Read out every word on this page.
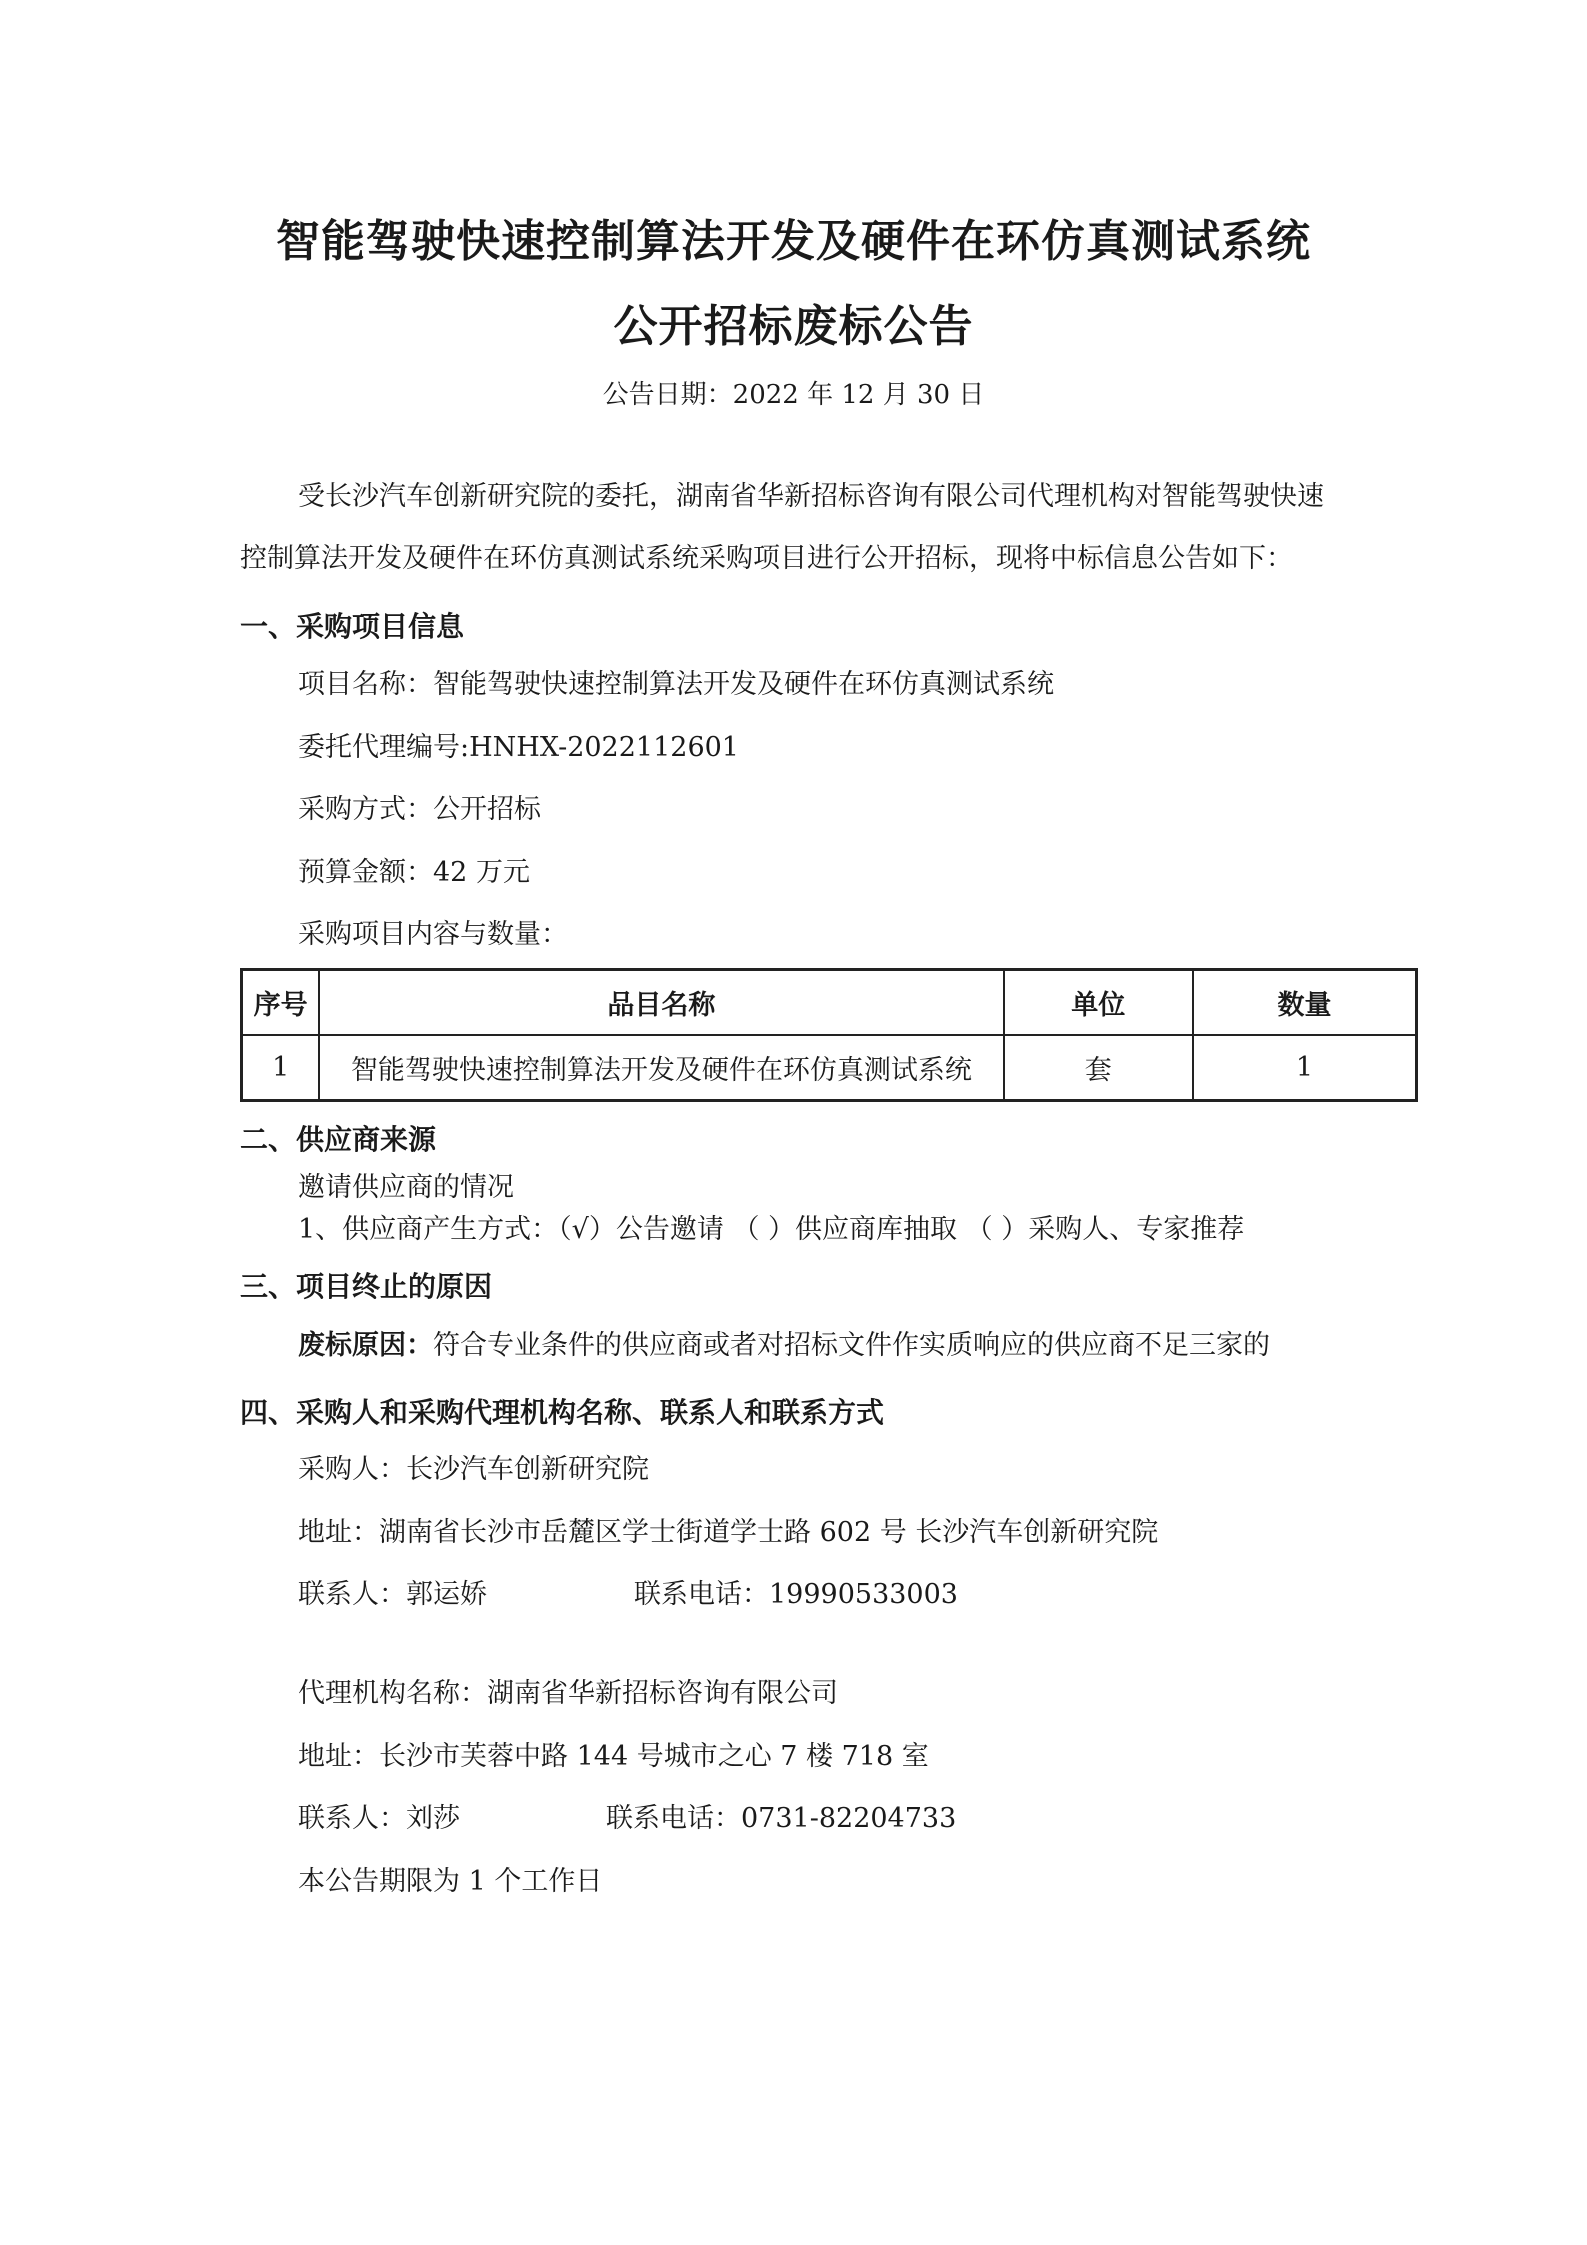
智能驾驶快速控制算法开发及硬件在环仿真测试系统
公开招标废标公告
公告日期：2022 年 12 月 30 日
受长沙汽车创新研究院的委托，湖南省华新招标咨询有限公司代理机构对智能驾驶快速
控制算法开发及硬件在环仿真测试系统采购项目进行公开招标，现将中标信息公告如下：
一、采购项目信息
项目名称：智能驾驶快速控制算法开发及硬件在环仿真测试系统
委托代理编号:HNHX-2022112601
采购方式：公开招标
预算金额：42 万元
采购项目内容与数量：
序号	品目名称	单位	数量
1	智能驾驶快速控制算法开发及硬件在环仿真测试系统	套	1
二、供应商来源
邀请供应商的情况
1、供应商产生方式：（√）公告邀请 （ ）供应商库抽取 （ ）采购人、专家推荐
三、项目终止的原因
废标原因：符合专业条件的供应商或者对招标文件作实质响应的供应商不足三家的
四、采购人和采购代理机构名称、联系人和联系方式
采购人：长沙汽车创新研究院
地址：湖南省长沙市岳麓区学士街道学士路 602 号 长沙汽车创新研究院
联系人：郭运娇	联系电话：19990533003
代理机构名称：湖南省华新招标咨询有限公司
地址：长沙市芙蓉中路 144 号城市之心 7 楼 718 室
联系人：刘莎	联系电话：0731-82204733
本公告期限为 1 个工作日
